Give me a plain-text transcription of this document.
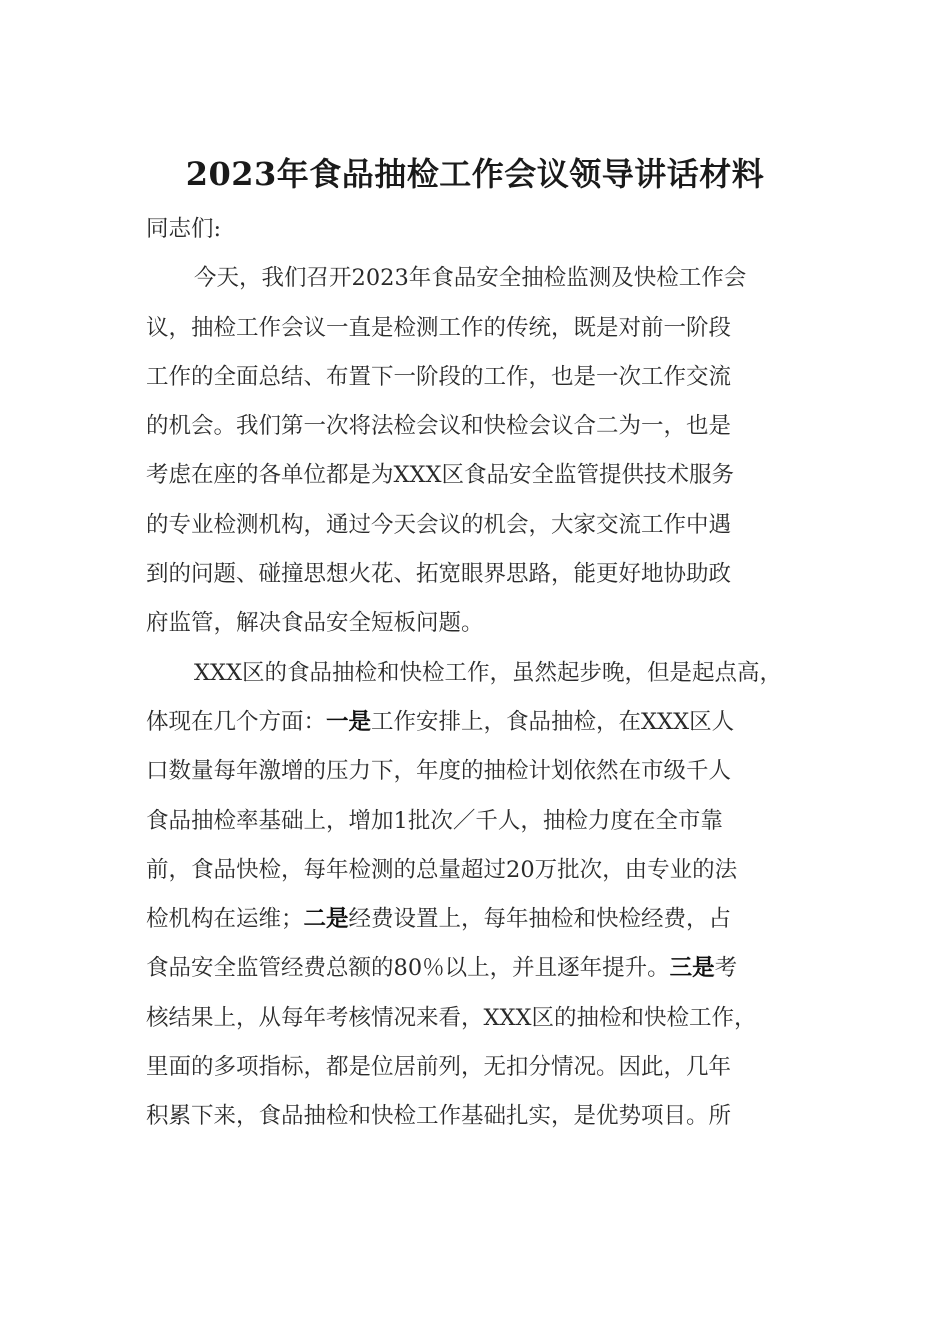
2023年食品抽检工作会议领导讲话材料
同志们:
今天，我们召开2023年食品安全抽检监测及快检工作会
议，抽检工作会议一直是检测工作的传统，既是对前一阶段
工作的全面总结、布置下一阶段的工作，也是一次工作交流
的机会。我们第一次将法检会议和快检会议合二为一，也是
考虑在座的各单位都是为XXX区食品安全监管提供技术服务
的专业检测机构，通过今天会议的机会，大家交流工作中遇
到的问题、碰撞思想火花、拓宽眼界思路，能更好地协助政
府监管，解决食品安全短板问题。
XXX区的食品抽检和快检工作，虽然起步晚，但是起点高，
体现在几个方面：一是工作安排上，食品抽检，在XXX区人
口数量每年激增的压力下，年度的抽检计划依然在市级千人
食品抽检率基础上，增加1批次／千人，抽检力度在全市靠
前，食品快检，每年检测的总量超过20万批次，由专业的法
检机构在运维；二是经费设置上，每年抽检和快检经费，占
食品安全监管经费总额的80％以上，并且逐年提升。三是考
核结果上，从每年考核情况来看，XXX区的抽检和快检工作，
里面的多项指标，都是位居前列，无扣分情况。因此，几年
积累下来，食品抽检和快检工作基础扎实，是优势项目。所
